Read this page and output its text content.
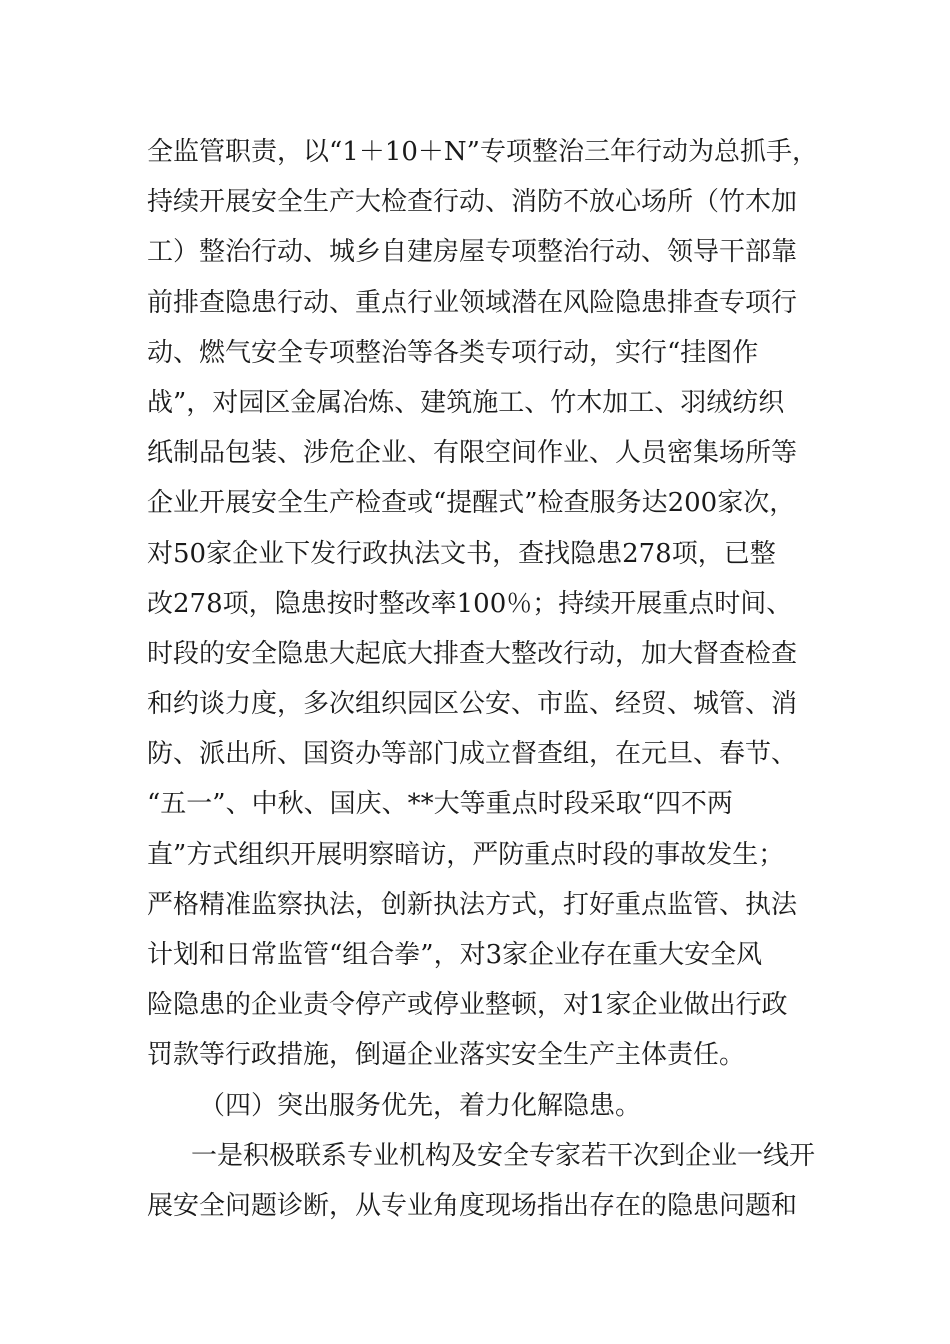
全监管职责，以“1＋10＋N”专项整治三年行动为总抓手，
持续开展安全生产大检查行动、消防不放心场所（竹木加
工）整治行动、城乡自建房屋专项整治行动、领导干部靠
前排查隐患行动、重点行业领域潜在风险隐患排查专项行
动、燃气安全专项整治等各类专项行动，实行“挂图作
战”，对园区金属冶炼、建筑施工、竹木加工、羽绒纺织
纸制品包装、涉危企业、有限空间作业、人员密集场所等
企业开展安全生产检查或“提醒式”检查服务达200家次，
对50家企业下发行政执法文书，查找隐患278项，已整
改278项，隐患按时整改率100％；持续开展重点时间、
时段的安全隐患大起底大排查大整改行动，加大督查检查
和约谈力度，多次组织园区公安、市监、经贸、城管、消
防、派出所、国资办等部门成立督查组，在元旦、春节、
“五一”、中秋、国庆、**大等重点时段采取“四不两
直”方式组织开展明察暗访，严防重点时段的事故发生；
严格精准监察执法，创新执法方式，打好重点监管、执法
计划和日常监管“组合拳”，对3家企业存在重大安全风
险隐患的企业责令停产或停业整顿，对1家企业做出行政
罚款等行政措施，倒逼企业落实安全生产主体责任。
（四）突出服务优先，着力化解隐患。
一是积极联系专业机构及安全专家若干次到企业一线开
展安全问题诊断，从专业角度现场指出存在的隐患问题和
